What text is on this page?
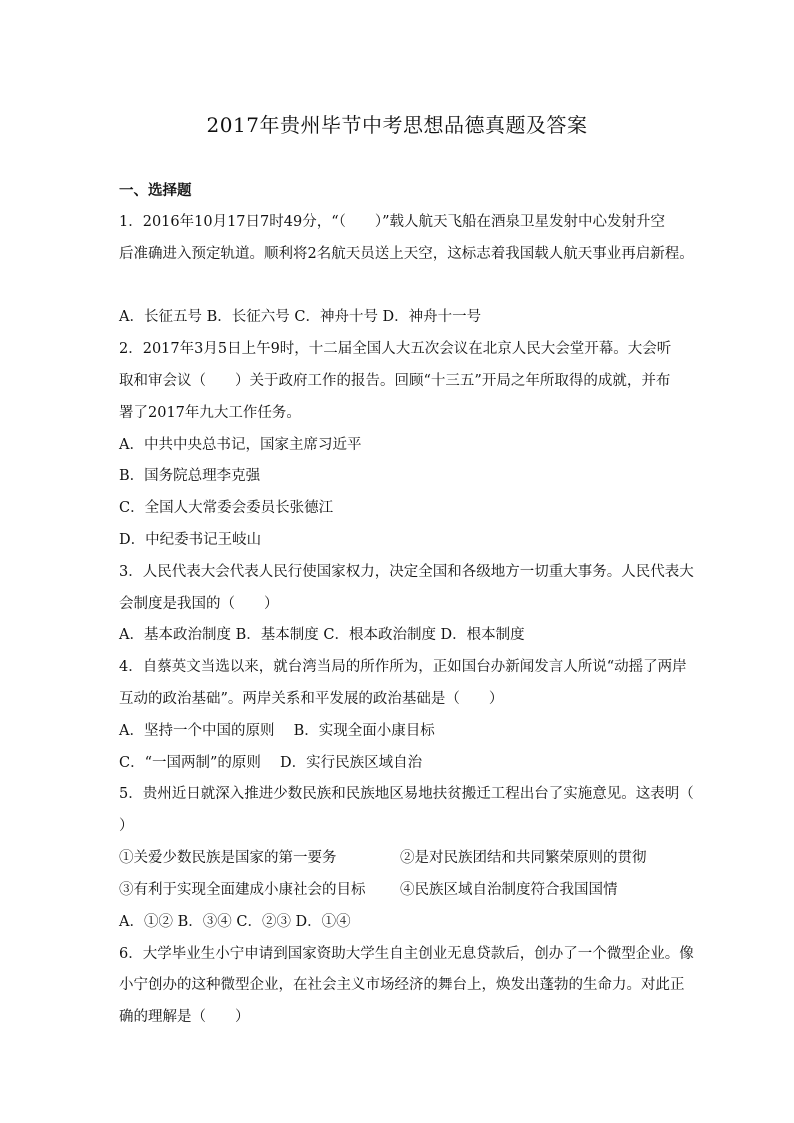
2017年贵州毕节中考思想品德真题及答案
一、选择题
1．2016年10月17日7时49分，“（　　）”载人航天飞船在酒泉卫星发射中心发射升空
后准确进入预定轨道。顺利将2名航天员送上天空，这标志着我国载人航天事业再启新程。
A．长征五号 B．长征六号 C．神舟十号 D．神舟十一号
2．2017年3月5日上午9时，十二届全国人大五次会议在北京人民大会堂开幕。大会听
取和审会议（　　）关于政府工作的报告。回顾“十三五”开局之年所取得的成就，并布
署了2017年九大工作任务。
A．中共中央总书记，国家主席习近平
B．国务院总理李克强
C．全国人大常委会委员长张德江
D．中纪委书记王岐山
3．人民代表大会代表人民行使国家权力，决定全国和各级地方一切重大事务。人民代表大
会制度是我国的（　　）
A．基本政治制度 B．基本制度 C．根本政治制度 D．根本制度
4．自蔡英文当选以来，就台湾当局的所作所为，正如国台办新闻发言人所说“动摇了两岸
互动的政治基础”。两岸关系和平发展的政治基础是（　　）
A．坚持一个中国的原则　 B．实现全面小康目标
C．“一国两制”的原则　 D．实行民族区域自治
5．贵州近日就深入推进少数民族和民族地区易地扶贫搬迁工程出台了实施意见。这表明（
）
①关爱少数民族是国家的第一要务	②是对民族团结和共同繁荣原则的贯彻
③有利于实现全面建成小康社会的目标 ④民族区域自治制度符合我国国情
A．①② B．③④ C．②③ D．①④
6．大学毕业生小宁申请到国家资助大学生自主创业无息贷款后，创办了一个微型企业。像
小宁创办的这种微型企业，在社会主义市场经济的舞台上，焕发出蓬勃的生命力。对此正
确的理解是（　　）
